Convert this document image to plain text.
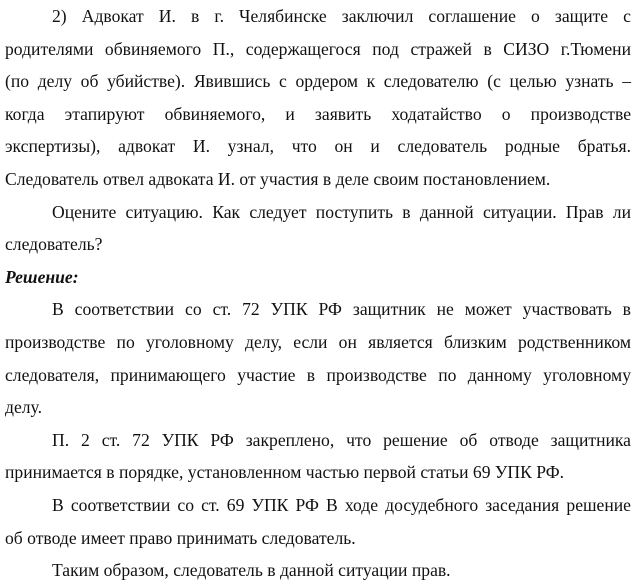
2) Адвокат И. в г. Челябинске заключил соглашение о защите с
родителями обвиняемого П., содержащегося под стражей в СИЗО г.Тюмени
(по делу об убийстве). Явившись с ордером к следователю (с целью узнать –
когда этапируют обвиняемого, и заявить ходатайство о производстве
экспертизы), адвокат И. узнал, что он и следователь родные братья.
Следователь отвел адвоката И. от участия в деле своим постановлением.
Оцените ситуацию. Как следует поступить в данной ситуации. Прав ли
следователь?
Решение:
В соответствии со ст. 72 УПК РФ защитник не может участвовать в
производстве по уголовному делу, если он является близким родственником
следователя, принимающего участие в производстве по данному уголовному
делу.
П. 2 ст. 72 УПК РФ закреплено, что решение об отводе защитника
принимается в порядке, установленном частью первой статьи 69 УПК РФ.
В соответствии со ст. 69 УПК РФ В ходе досудебного заседания решение
об отводе имеет право принимать следователь.
Таким образом, следователь в данной ситуации прав.
